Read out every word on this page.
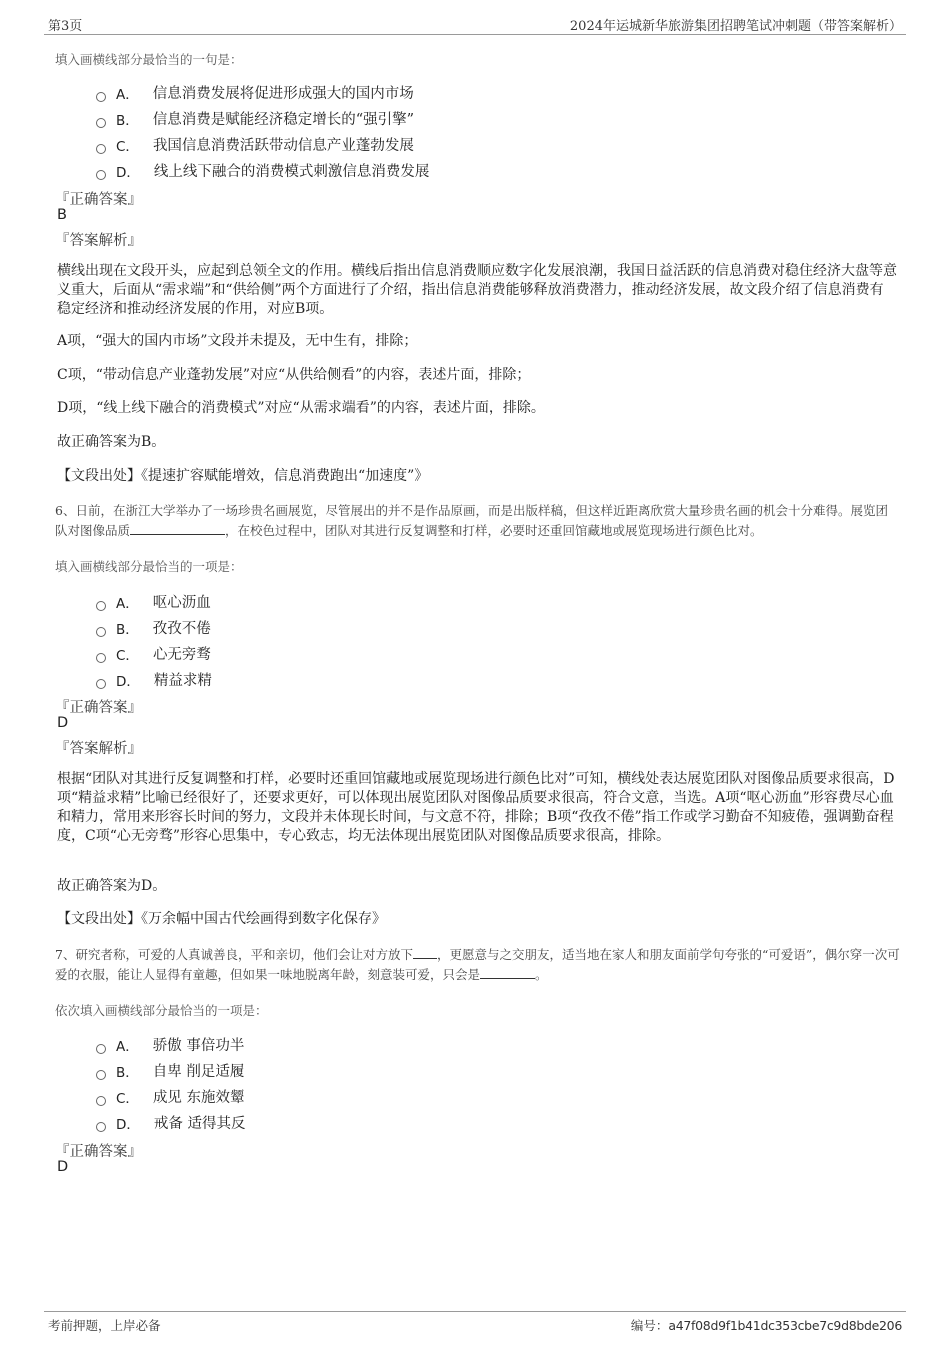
第3页	2024年运城新华旅游集团招聘笔试冲刺题（带答案解析）
填入画横线部分最恰当的一句是：
A． 信息消费发展将促进形成强大的国内市场
B． 信息消费是赋能经济稳定增长的“强引擎”
C． 我国信息消费活跃带动信息产业蓬勃发展
D． 线上线下融合的消费模式刺激信息消费发展
『正确答案』
B
『答案解析』
横线出现在文段开头，应起到总领全文的作用。横线后指出信息消费顺应数字化发展浪潮，我国日益活跃的信息消费对稳住经济大盘等意义重大，后面从“需求端”和“供给侧”两个方面进行了介绍，指出信息消费能够释放消费潜力，推动经济发展，故文段介绍了信息消费有稳定经济和推动经济发展的作用，对应B项。
A项，“强大的国内市场”文段并未提及，无中生有，排除；
C项，“带动信息产业蓬勃发展”对应“从供给侧看”的内容，表述片面，排除；
D项，“线上线下融合的消费模式”对应“从需求端看”的内容，表述片面，排除。
故正确答案为B。
【文段出处】《提速扩容赋能增效，信息消费跑出“加速度”》
6、日前，在浙江大学举办了一场珍贵名画展览，尽管展出的并不是作品原画，而是出版样稿，但这样近距离欣赏大量珍贵名画的机会十分难得。展览团队对图像品质	，在校色过程中，团队对其进行反复调整和打样，必要时还重回馆藏地或展览现场进行颜色比对。
填入画横线部分最恰当的一项是：
A． 呕心沥血
B． 孜孜不倦
C． 心无旁骛
D． 精益求精
『正确答案』
D
『答案解析』
根据“团队对其进行反复调整和打样，必要时还重回馆藏地或展览现场进行颜色比对”可知，横线处表达展览团队对图像品质要求很高，D项“精益求精”比喻已经很好了，还要求更好，可以体现出展览团队对图像品质要求很高，符合文意，当选。A项“呕心沥血”形容费尽心血和精力，常用来形容长时间的努力，文段并未体现长时间，与文意不符，排除；B项“孜孜不倦”指工作或学习勤奋不知疲倦，强调勤奋程度，C项“心无旁骛”形容心思集中，专心致志，均无法体现出展览团队对图像品质要求很高，排除。
故正确答案为D。
【文段出处】《万余幅中国古代绘画得到数字化保存》
7、研究者称，可爱的人真诚善良，平和亲切，他们会让对方放下 ，更愿意与之交朋友，适当地在家人和朋友面前学句夸张的“可爱语”，偶尔穿一次可爱的衣服，能让人显得有童趣，但如果一味地脱离年龄，刻意装可爱，只会是	。
依次填入画横线部分最恰当的一项是：
A． 骄傲 事倍功半
B． 自卑 削足适履
C． 成见 东施效颦
D． 戒备 适得其反
『正确答案』
D
考前押题，上岸必备	编号：a47f08d9f1b41dc353cbe7c9d8bde206
